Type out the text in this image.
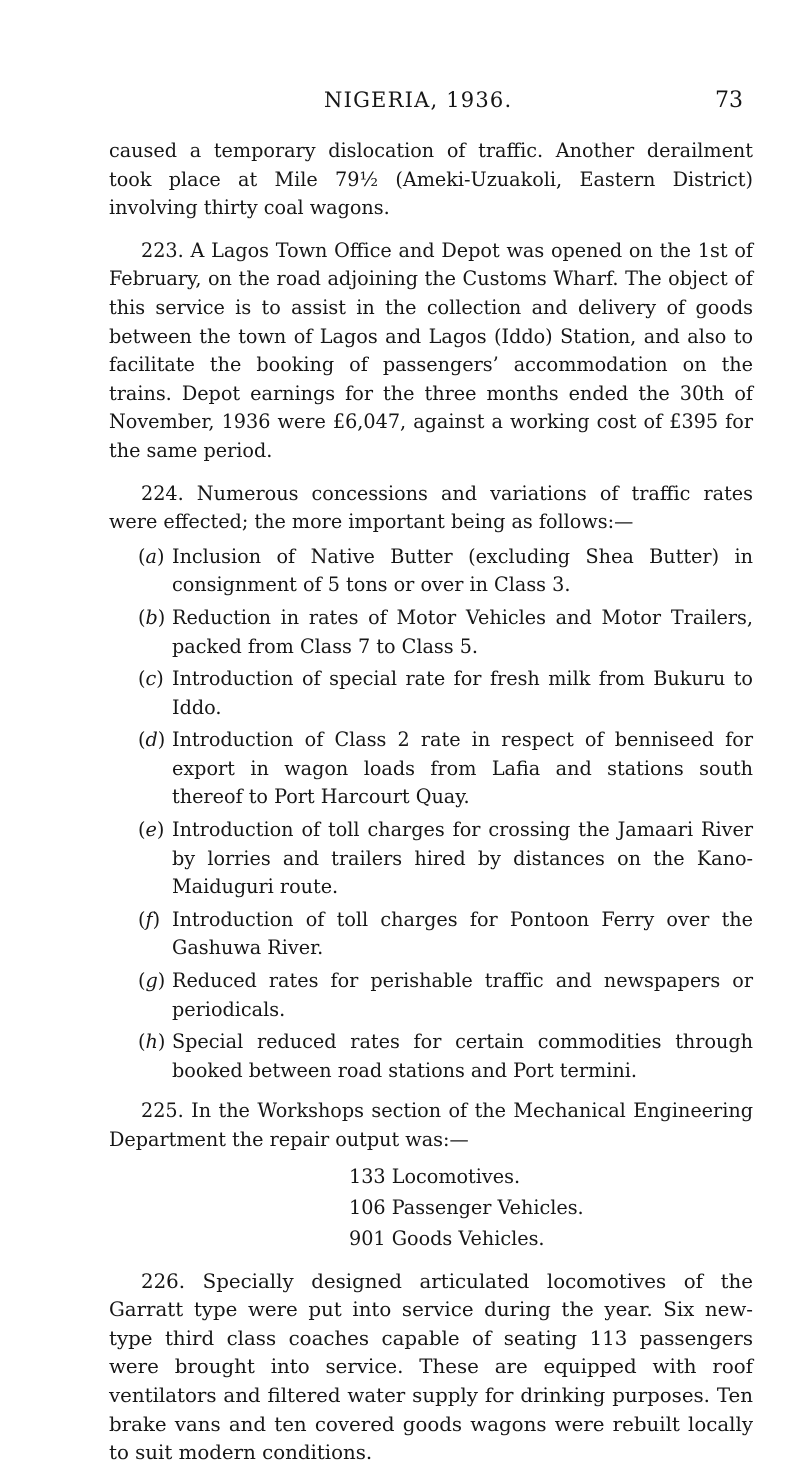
NIGERIA, 1936.	73

caused a temporary dislocation of traffic. Another derailment took place at Mile 79½ (Ameki-Uzuakoli, Eastern District) involving thirty coal wagons.

223. A Lagos Town Office and Depot was opened on the 1st of February, on the road adjoining the Customs Wharf. The object of this service is to assist in the collection and delivery of goods between the town of Lagos and Lagos (Iddo) Station, and also to facilitate the booking of passengers’ accommodation on the trains. Depot earnings for the three months ended the 30th of November, 1936 were £6,047, against a working cost of £395 for the same period.

224. Numerous concessions and variations of traffic rates were effected; the more important being as follows:—

(a) Inclusion of Native Butter (excluding Shea Butter) in consignment of 5 tons or over in Class 3.
(b) Reduction in rates of Motor Vehicles and Motor Trailers, packed from Class 7 to Class 5.
(c) Introduction of special rate for fresh milk from Bukuru to Iddo.
(d) Introduction of Class 2 rate in respect of benniseed for export in wagon loads from Lafia and stations south thereof to Port Harcourt Quay.
(e) Introduction of toll charges for crossing the Jamaari River by lorries and trailers hired by distances on the Kano-Maiduguri route.
(f) Introduction of toll charges for Pontoon Ferry over the Gashuwa River.
(g) Reduced rates for perishable traffic and newspapers or periodicals.
(h) Special reduced rates for certain commodities through booked between road stations and Port termini.

225. In the Workshops section of the Mechanical Engineering Department the repair output was:—

133 Locomotives.

106 Passenger Vehicles.

901 Goods Vehicles.

226. Specially designed articulated locomotives of the Garratt type were put into service during the year. Six new-type third class coaches capable of seating 113 passengers were brought into service. These are equipped with roof ventilators and filtered water supply for drinking purposes. Ten brake vans and ten covered goods wagons were rebuilt locally to suit modern conditions.
